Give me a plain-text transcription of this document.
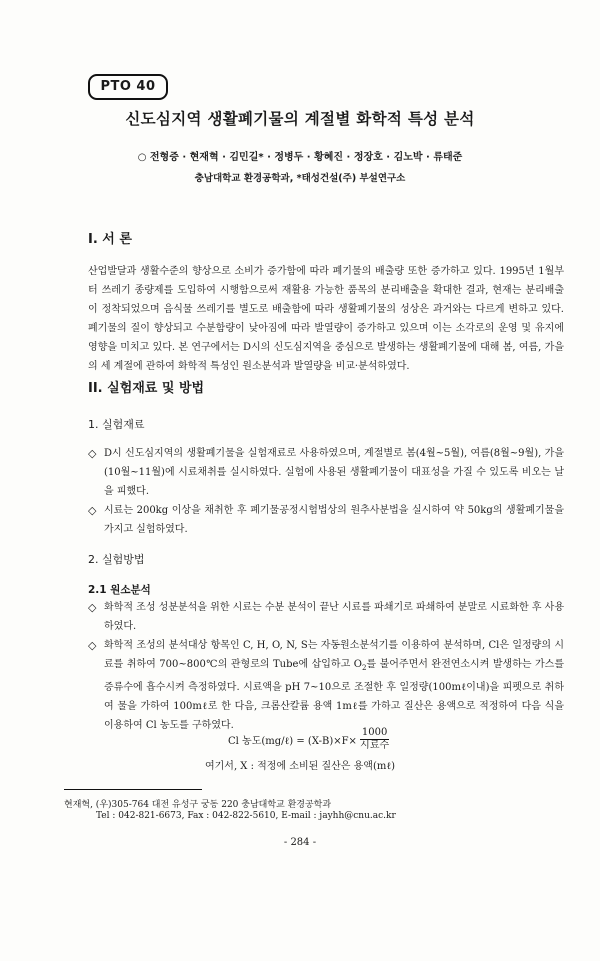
PTO 40
신도심지역 생활폐기물의 계절별 화학적 특성 분석
○ 전형증 · 현재혁 · 김민길* · 정병두 · 황혜진 · 정장호 · 김노박 · 류태준
충남대학교 환경공학과, *태성건설(주) 부설연구소
I. 서 론

산업발달과 생활수준의 향상으로 소비가 증가함에 따라 폐기물의 배출량 또한 증가하고 있다. 1995년 1월부터 쓰레기 종량제를 도입하여 시행함으로써 재활용 가능한 품목의 분리배출을 확대한 결과, 현재는 분리배출이 정착되었으며 음식물 쓰레기를 별도로 배출함에 따라 생활폐기물의 성상은 과거와는 다르게 변하고 있다. 폐기물의 질이 향상되고 수분함량이 낮아짐에 따라 발열량이 증가하고 있으며 이는 소각로의 운영 및 유지에 영향을 미치고 있다. 본 연구에서는 D시의 신도심지역을 중심으로 발생하는 생활폐기물에 대해 봄, 여름, 가을의 세 계절에 관하여 화학적 특성인 원소분석과 발열량을 비교·분석하였다.

II. 실험재료 및 방법
1. 실험재료
◇ D시 신도심지역의 생활폐기물을 실험재료로 사용하였으며, 계절별로 봄(4월~5월), 여름(8월~9월), 가을(10월~11월)에 시료채취를 실시하였다. 실험에 사용된 생활폐기물이 대표성을 가질 수 있도록 비오는 날을 피했다.
◇ 시료는 200kg 이상을 채취한 후 폐기물공정시험법상의 원추사분법을 실시하여 약 50kg의 생활폐기물을 가지고 실험하였다.
2. 실험방법
2.1 원소분석
◇ 화학적 조성 성분분석을 위한 시료는 수분 분석이 끝난 시료를 파쇄기로 파쇄하여 분말로 시료화한 후 사용하였다.
◇ 화학적 조성의 분석대상 항목인 C, H, O, N, S는 자동원소분석기를 이용하여 분석하며, Cl은 일정량의 시료를 취하여 700~800℃의 관형로의 Tube에 삽입하고 $O_2$를 불어주면서 완전연소시켜 발생하는 가스를 증류수에 흡수시켜 측정하였다. 시료액을 pH 7~10으로 조절한 후 일정량(100mℓ이내)을 피펫으로 취하여 물을 가하여 100mℓ로 한 다음, 크롬산칼륨 용액 1mℓ를 가하고 질산은 용액으로 적정하여 다음 식을 이용하여 Cl 농도를 구하였다.
Cl 농도(mg/ℓ) = $(X-B)\times F\times \frac{1000}{\text{시료수}}$
여기서, X : 적정에 소비된 질산은 용액(mℓ)
현재혁, (우)305-764 대전 유성구 궁동 220 충남대학교 환경공학과
Tel : 042-821-6673, Fax : 042-822-5610, E-mail : jayhh@cnu.ac.kr
- 284 -
